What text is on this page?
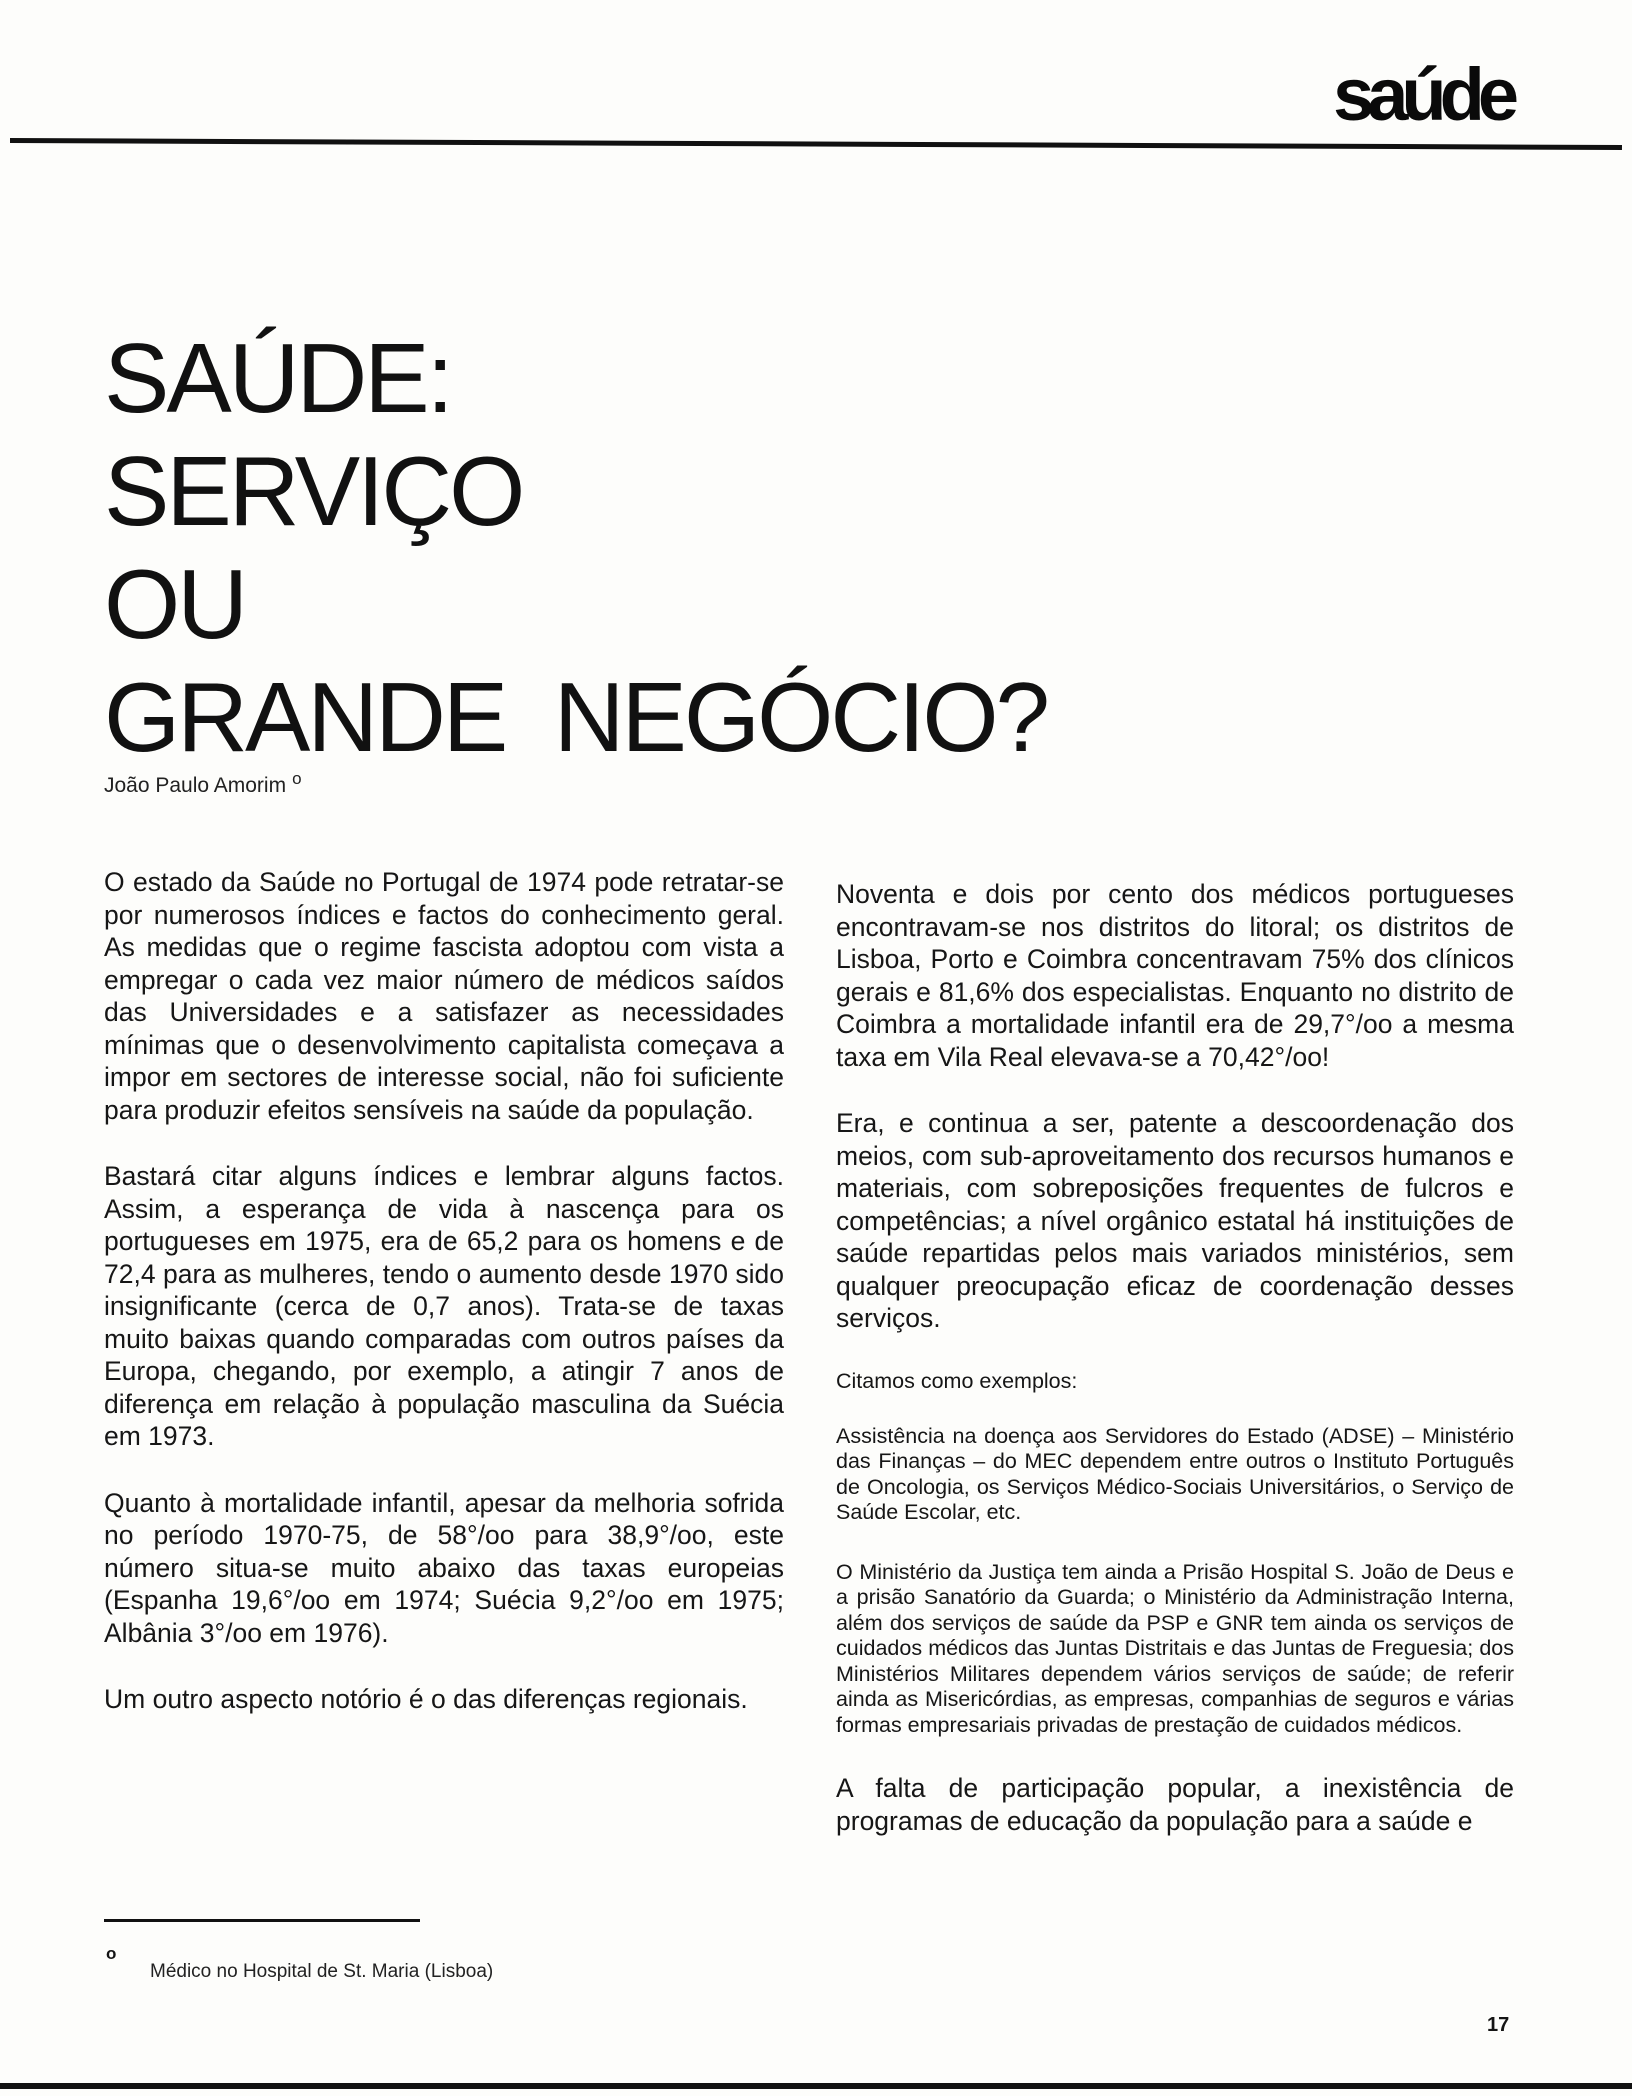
saúde
SAÚDE:
SERVIÇO
OU
GRANDE  NEGÓCIO?
João Paulo Amorim $^o$

O estado da Saúde no Portugal de 1974 pode retratar-se por numerosos índices e factos do conhecimento geral. As medidas que o regime fascista adoptou com vista a empregar o cada vez maior número de médicos saídos das Universidades e a satisfazer as necessidades mínimas que o desenvolvimento capitalista começava a impor em sectores de interesse social, não foi suficiente para produzir efeitos sensíveis na saúde da população.

Bastará citar alguns índices e lembrar alguns factos. Assim, a esperança de vida à nascença para os portugueses em 1975, era de 65,2 para os homens e de 72,4 para as mulheres, tendo o aumento desde 1970 sido insignificante (cerca de 0,7 anos). Trata-se de taxas muito baixas quando comparadas com outros países da Europa, chegando, por exemplo, a atingir 7 anos de diferença em relação à população masculina da Suécia em 1973.

Quanto à mortalidade infantil, apesar da melhoria sofrida no período 1970-75, de 58°/oo para 38,9°/oo, este número situa-se muito abaixo das taxas europeias (Espanha 19,6°/oo em 1974; Suécia 9,2°/oo em 1975; Albânia 3°/oo em 1976).

Um outro aspecto notório é o das diferenças regionais.

Noventa e dois por cento dos médicos portugueses encontravam-se nos distritos do litoral; os distritos de Lisboa, Porto e Coimbra concentravam 75% dos clínicos gerais e 81,6% dos especialistas. Enquanto no distrito de Coimbra a mortalidade infantil era de 29,7°/oo a mesma taxa em Vila Real elevava-se a 70,42°/oo!

Era, e continua a ser, patente a descoordenação dos meios, com sub-aproveitamento dos recursos humanos e materiais, com sobreposições frequentes de fulcros e competências; a nível orgânico estatal há instituições de saúde repartidas pelos mais variados ministérios, sem qualquer preocupação eficaz de coordenação desses serviços.

Citamos como exemplos:

Assistência na doença aos Servidores do Estado (ADSE) – Ministério das Finanças – do MEC dependem entre outros o Instituto Português de Oncologia, os Serviços Médico-Sociais Universitários, o Serviço de Saúde Escolar, etc.

O Ministério da Justiça tem ainda a Prisão Hospital S. João de Deus e a prisão Sanatório da Guarda; o Ministério da Administração Interna, além dos serviços de saúde da PSP e GNR tem ainda os serviços de cuidados médicos das Juntas Distritais e das Juntas de Freguesia; dos Ministérios Militares dependem vários serviços de saúde; de referir ainda as Misericórdias, as empresas, companhias de seguros e várias formas empresariais privadas de prestação de cuidados médicos.

A falta de participação popular, a inexistência de programas de educação da população para a saúde e

o
Médico no Hospital de St. Maria (Lisboa)
17
